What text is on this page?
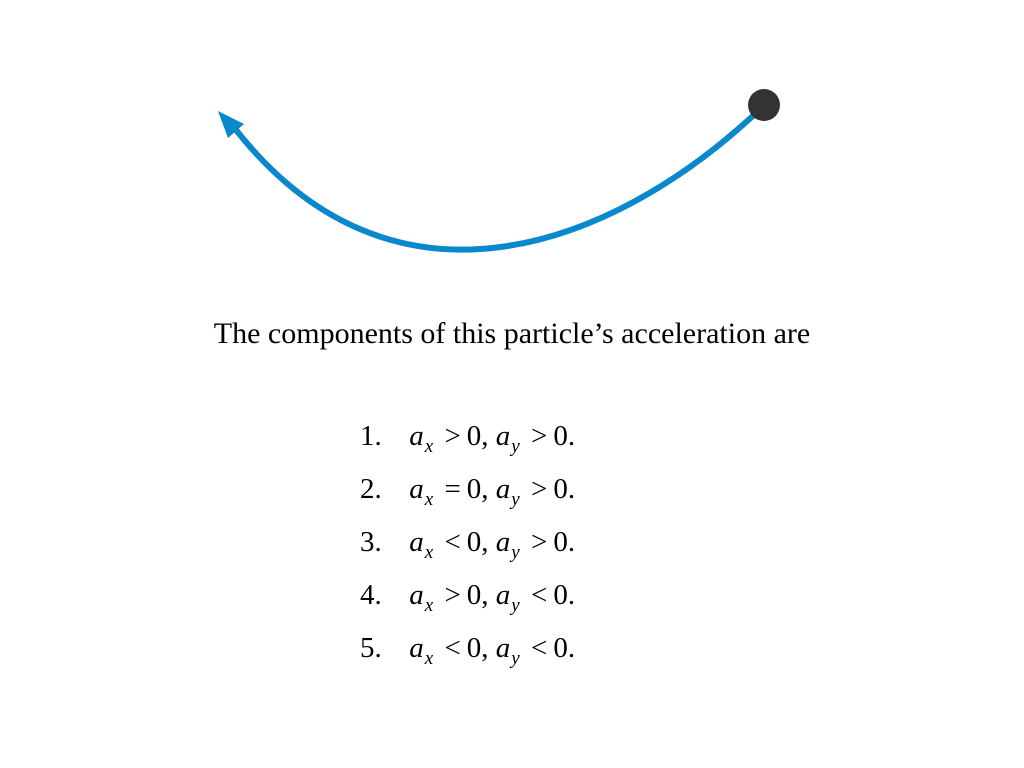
The components of this particle’s acceleration are
1. $a_x > 0$, $a_y > 0$.
2. $a_x = 0$, $a_y > 0$.
3. $a_x < 0$, $a_y > 0$.
4. $a_x > 0$, $a_y < 0$.
5. $a_x < 0$, $a_y < 0$.
